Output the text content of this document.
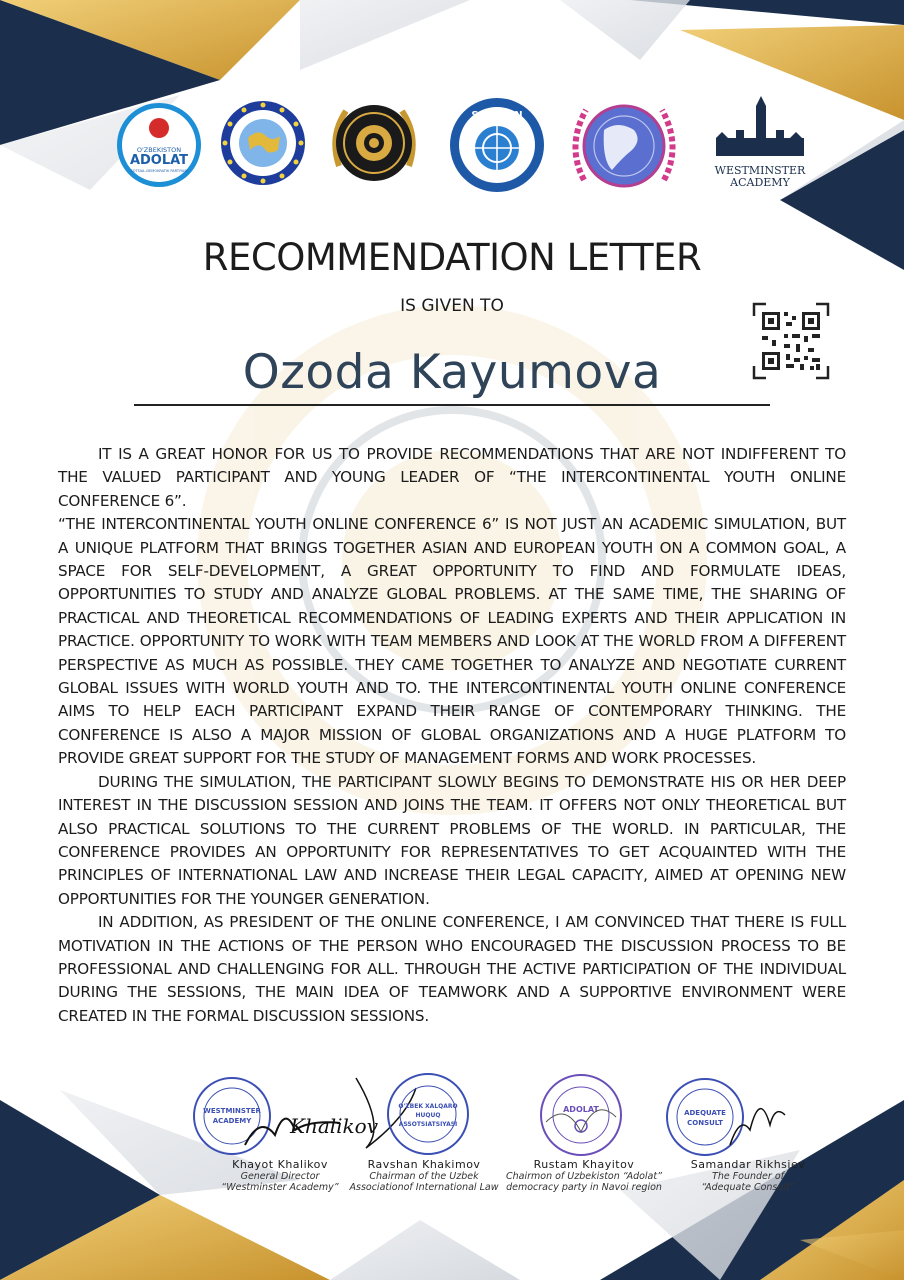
O'ZBEKISTON
ADOLAT
SOTSIAL-DEMOKRATIK PARTIYASI
SAMMUN
WESTMINSTER
ACADEMY
RECOMMENDATION LETTER
IS GIVEN TO
Ozoda Kayumova

IT IS A GREAT HONOR FOR US TO PROVIDE RECOMMENDATIONS THAT ARE NOT INDIFFERENT TO THE VALUED PARTICIPANT AND YOUNG LEADER OF “THE INTERCONTINENTAL YOUTH ONLINE CONFERENCE 6”.

“THE INTERCONTINENTAL YOUTH ONLINE CONFERENCE 6” IS NOT JUST AN ACADEMIC SIMULATION, BUT A UNIQUE PLATFORM THAT BRINGS TOGETHER ASIAN AND EUROPEAN YOUTH ON A COMMON GOAL, A SPACE FOR SELF-DEVELOPMENT, A GREAT OPPORTUNITY TO FIND AND FORMULATE IDEAS, OPPORTUNITIES TO STUDY AND ANALYZE GLOBAL PROBLEMS. AT THE SAME TIME, THE SHARING OF PRACTICAL AND THEORETICAL RECOMMENDATIONS OF LEADING EXPERTS AND THEIR APPLICATION IN PRACTICE. OPPORTUNITY TO WORK WITH TEAM MEMBERS AND LOOK AT THE WORLD FROM A DIFFERENT PERSPECTIVE AS MUCH AS POSSIBLE. THEY CAME TOGETHER TO ANALYZE AND NEGOTIATE CURRENT GLOBAL ISSUES WITH WORLD YOUTH AND TO. THE INTERCONTINENTAL YOUTH ONLINE CONFERENCE AIMS TO HELP EACH PARTICIPANT EXPAND THEIR RANGE OF CONTEMPORARY THINKING. THE CONFERENCE IS ALSO A MAJOR MISSION OF GLOBAL ORGANIZATIONS AND A HUGE PLATFORM TO PROVIDE GREAT SUPPORT FOR THE STUDY OF MANAGEMENT FORMS AND WORK PROCESSES.

DURING THE SIMULATION, THE PARTICIPANT SLOWLY BEGINS TO DEMONSTRATE HIS OR HER DEEP INTEREST IN THE DISCUSSION SESSION AND JOINS THE TEAM. IT OFFERS NOT ONLY THEORETICAL BUT ALSO PRACTICAL SOLUTIONS TO THE CURRENT PROBLEMS OF THE WORLD. IN PARTICULAR, THE CONFERENCE PROVIDES AN OPPORTUNITY FOR REPRESENTATIVES TO GET ACQUAINTED WITH THE PRINCIPLES OF INTERNATIONAL LAW AND INCREASE THEIR LEGAL CAPACITY, AIMED AT OPENING NEW OPPORTUNITIES FOR THE YOUNGER GENERATION.

IN ADDITION, AS PRESIDENT OF THE ONLINE CONFERENCE, I AM CONVINCED THAT THERE IS FULL MOTIVATION IN THE ACTIONS OF THE PERSON WHO ENCOURAGED THE DISCUSSION PROCESS TO BE PROFESSIONAL AND CHALLENGING FOR ALL. THROUGH THE ACTIVE PARTICIPATION OF THE INDIVIDUAL DURING THE SESSIONS, THE MAIN IDEA OF TEAMWORK AND A SUPPORTIVE ENVIRONMENT WERE CREATED IN THE FORMAL DISCUSSION SESSIONS.

WESTMINSTER
ACADEMY Khalikov
O'ZBEK XALQARO
HUQUQ
ASSOTSIATSIYASI
ADOLAT	ADEQUATE
CONSULT
Khayot Khalikov
General Director
“Westminster Academy”
Ravshan Khakimov
Chairman of the Uzbek
Associationof International Law
Rustam Khayitov
Chairmon of Uzbekiston “Adolat”
democracy party in Navoi region
Samandar Rikhsiev
The Founder of
“Adequate Consult”
